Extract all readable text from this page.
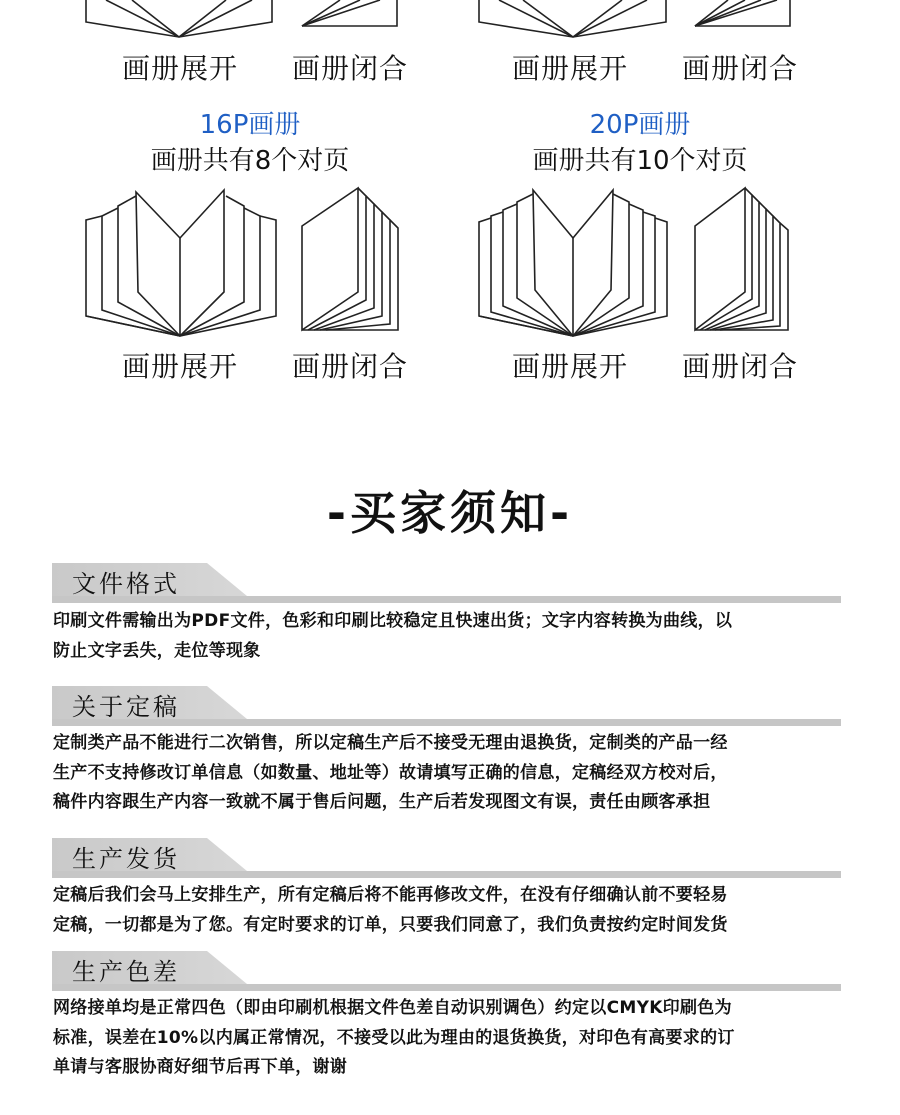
画册展开 画册闭合	画册展开 画册闭合
16P画册
画册共有8个对页
画册展开 画册闭合
20P画册
画册共有10个对页
画册展开 画册闭合
-买家须知-
文件格式
印刷文件需输出为PDF文件，色彩和印刷比较稳定且快速出货；文字内容转换为曲线，以
防止文字丢失，走位等现象
关于定稿
定制类产品不能进行二次销售，所以定稿生产后不接受无理由退换货，定制类的产品一经
生产不支持修改订单信息（如数量、地址等）故请填写正确的信息，定稿经双方校对后，
稿件内容跟生产内容一致就不属于售后问题，生产后若发现图文有误，责任由顾客承担
生产发货
定稿后我们会马上安排生产，所有定稿后将不能再修改文件，在没有仔细确认前不要轻易
定稿，一切都是为了您。有定时要求的订单，只要我们同意了，我们负责按约定时间发货
生产色差
网络接单均是正常四色（即由印刷机根据文件色差自动识别调色）约定以CMYK印刷色为
标准，误差在10%以内属正常情况，不接受以此为理由的退货换货，对印色有高要求的订
单请与客服协商好细节后再下单，谢谢
